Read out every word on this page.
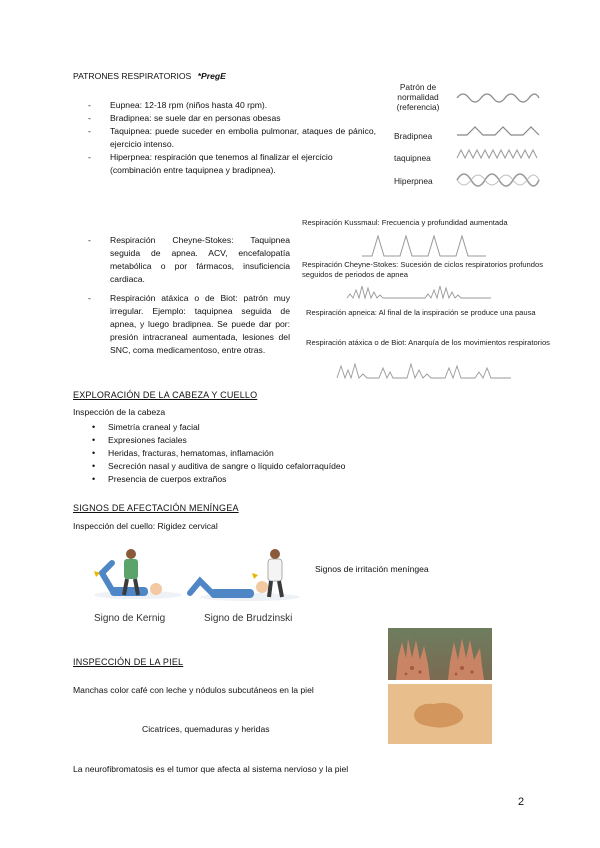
PATRONES RESPIRATORIOS *PregE
- Eupnea: 12-18 rpm (niños hasta 40 rpm).
- Bradipnea: se suele dar en personas obesas
- Taquipnea: puede suceder en embolia pulmonar, ataques de pánico, ejercicio intenso.
- Hiperpnea: respiración que tenemos al finalizar el ejercicio (combinación entre taquipnea y bradipnea).
- Respiración Cheyne-Stokes: Taquipnea seguida de apnea. ACV, encefalopatía metabólica o por fármacos, insuficiencia cardiaca.
- Respiración atáxica o de Biot: patrón muy irregular. Ejemplo: taquipnea seguida de apnea, y luego bradipnea. Se puede dar por: presión intracraneal aumentada, lesiones del SNC, coma medicamentoso, entre otras.
Patrón de normalidad (referencia)
Bradipnea
taquipnea
Hiperpnea
Respiración Kussmaul: Frecuencia y profundidad aumentada
Respiración Cheyne-Stokes: Sucesión de ciclos respiratorios profundos seguidos de periodos de apnea
Respiración apneica: Al final de la inspiración se produce una pausa
Respiración atáxica o de Biot: Anarquía de los movimientos respiratorios
EXPLORACIÓN DE LA CABEZA Y CUELLO
Inspección de la cabeza
• Simetría craneal y facial
• Expresiones faciales
• Heridas, fracturas, hematomas, inflamación
• Secreción nasal y auditiva de sangre o líquido cefalorraquídeo
• Presencia de cuerpos extraños
SIGNOS DE AFECTACIÓN MENÍNGEA
Inspección del cuello: Rigidez cervical
Signos de irritación meníngea
Signo de Kernig	Signo de Brudzinski
INSPECCIÓN DE LA PIEL
Manchas color café con leche y nódulos subcutáneos en la piel
Cicatrices, quemaduras y heridas
La neurofibromatosis es el tumor que afecta al sistema nervioso y la piel
2
